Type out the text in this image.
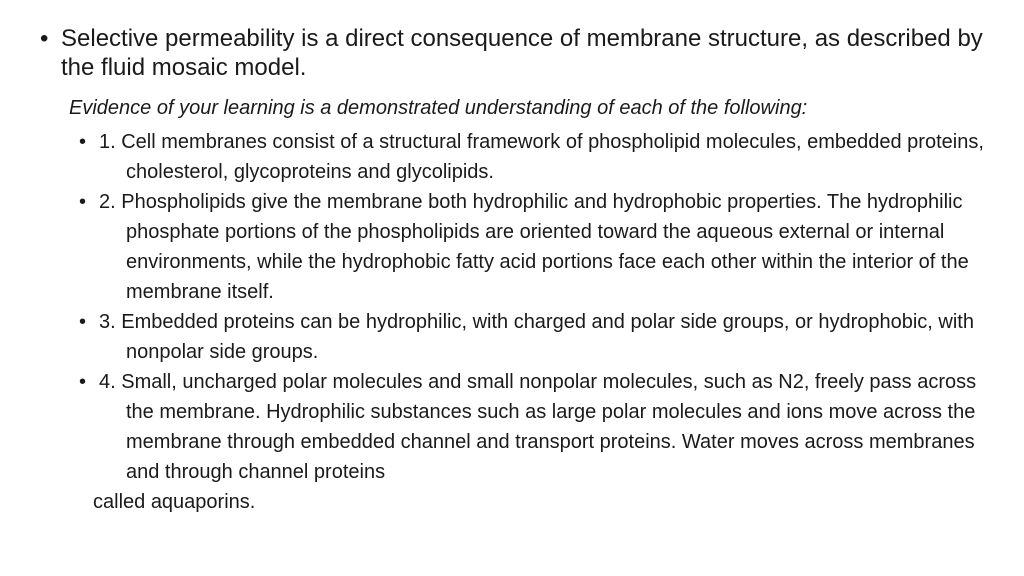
• Selective permeability is a direct consequence of membrane structure, as described by the fluid mosaic model.
Evidence of your learning is a demonstrated understanding of each of the following:
• 1. Cell membranes consist of a structural framework of phospholipid molecules, embedded proteins, cholesterol, glycoproteins and glycolipids.
• 2. Phospholipids give the membrane both hydrophilic and hydrophobic properties. The hydrophilic phosphate portions of the phospholipids are oriented toward the aqueous external or internal environments, while the hydrophobic fatty acid portions face each other within the interior of the membrane itself.
• 3. Embedded proteins can be hydrophilic, with charged and polar side groups, or hydrophobic, with nonpolar side groups.
• 4. Small, uncharged polar molecules and small nonpolar molecules, such as N2, freely pass across the membrane. Hydrophilic substances such as large polar molecules and ions move across the membrane through embedded channel and transport proteins. Water moves across membranes and through channel proteins
called aquaporins.
